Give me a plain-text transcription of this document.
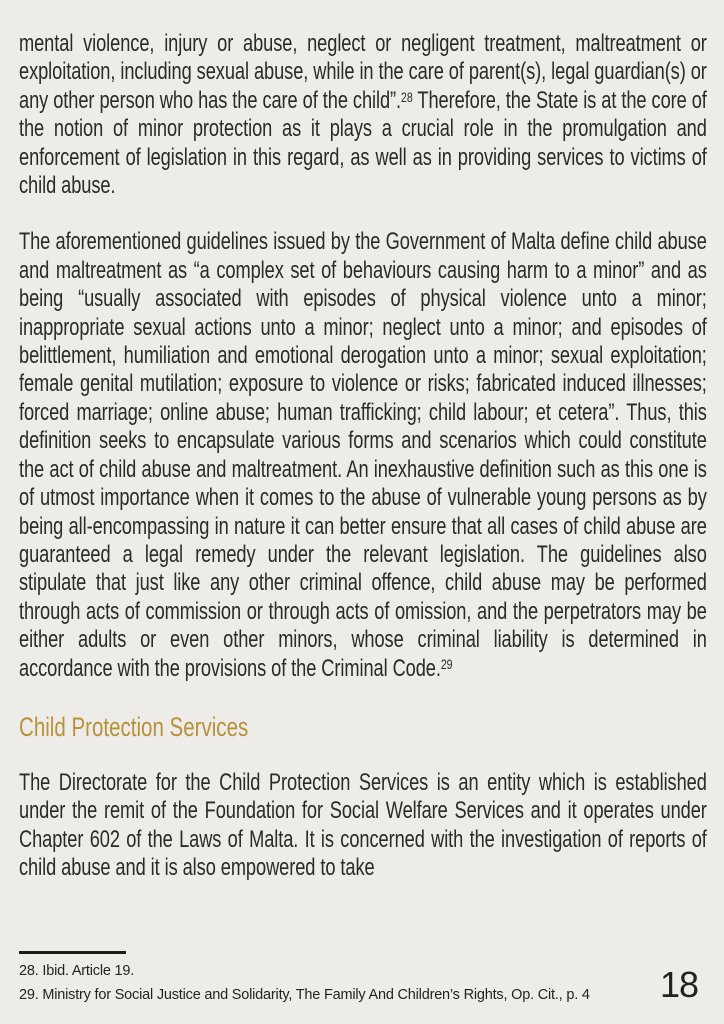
mental violence, injury or abuse, neglect or negligent treatment, maltreatment or exploitation, including sexual abuse, while in the care of parent(s), legal guardian(s) or any other person who has the care of the child”.$^{28}$ Therefore, the State is at the core of the notion of minor protection as it plays a crucial role in the promulgation and enforcement of legislation in this regard, as well as in providing services to victims of child abuse.

The aforementioned guidelines issued by the Government of Malta define child abuse and maltreatment as “a complex set of behaviours causing harm to a minor” and as being “usually associated with episodes of physical violence unto a minor; inappropriate sexual actions unto a minor; neglect unto a minor; and episodes of belittlement, humiliation and emotional derogation unto a minor; sexual exploitation; female genital mutilation; exposure to violence or risks; fabricated induced illnesses; forced marriage; online abuse; human trafficking; child labour; et cetera”. Thus, this definition seeks to encapsulate various forms and scenarios which could constitute the act of child abuse and maltreatment. An inexhaustive definition such as this one is of utmost importance when it comes to the abuse of vulnerable young persons as by being all-encompassing in nature it can better ensure that all cases of child abuse are guaranteed a legal remedy under the relevant legislation. The guidelines also stipulate that just like any other criminal offence, child abuse may be performed through acts of commission or through acts of omission, and the perpetrators may be either adults or even other minors, whose criminal liability is determined in accordance with the provisions of the Criminal Code.$^{29}$

Child Protection Services

The Directorate for the Child Protection Services is an entity which is established under the remit of the Foundation for Social Welfare Services and it operates under Chapter 602 of the Laws of Malta. It is concerned with the investigation of reports of child abuse and it is also empowered to take

28. Ibid. Article 19.
29. Ministry for Social Justice and Solidarity, The Family And Children’s Rights, Op. Cit., p. 4	18
